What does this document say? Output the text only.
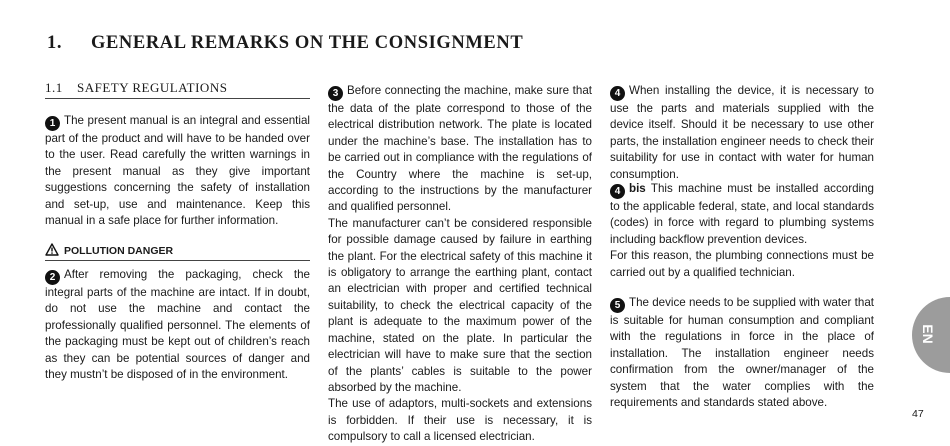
1. GENERAL REMARKS ON THE CONSIGNMENT
1.1 SAFETY REGULATIONS

1 The present manual is an integral and essential part of the product and will have to be handed over to the user. Read carefully the written warnings in the present manual as they give important suggestions concerning the safety of installation and set-up, use and maintenance. Keep this manual in a safe place for further information.

2 After removing the packaging, check the integral parts of the machine are intact. If in doubt, do not use the machine and contact the professionally qualified personnel. The elements of the packaging must be kept out of children’s reach as they can be potential sources of danger and they mustn’t be disposed of in the environment.

POLLUTION DANGER

3 Before connecting the machine, make sure that the data of the plate correspond to those of the electrical distribution network. The plate is located under the machine’s base. The installation has to be carried out in compliance with the regulations of the Country where the machine is set-up, according to the instructions by the manufacturer and qualified personnel.

The manufacturer can’t be considered responsible for possible damage caused by failure in earthing the plant. For the electrical safety of this machine it is obligatory to arrange the earthing plant, contact an electrician with proper and certified technical suitability, to check the electrical capacity of the plant is adequate to the maximum power of the machine, stated on the plate. In particular the electrician will have to make sure that the section of the plants’ cables is suitable to the power absorbed by the machine.

The use of adaptors, multi-sockets and extensions is forbidden. If their use is necessary, it is compulsory to call a licensed electrician.

4 When installing the device, it is necessary to use the parts and materials supplied with the device itself. Should it be necessary to use other parts, the installation engineer needs to check their suitability for use in contact with water for human consumption.

4 bis This machine must be installed according to the applicable federal, state, and local standards (codes) in force with regard to plumbing systems including backflow prevention devices.

For this reason, the plumbing connections must be carried out by a qualified technician.

5 The device needs to be supplied with water that is suitable for human consumption and compliant with the regulations in force in the place of installation. The installation engineer needs confirmation from the owner/manager of the system that the water complies with the requirements and standards stated above.

EN
47
